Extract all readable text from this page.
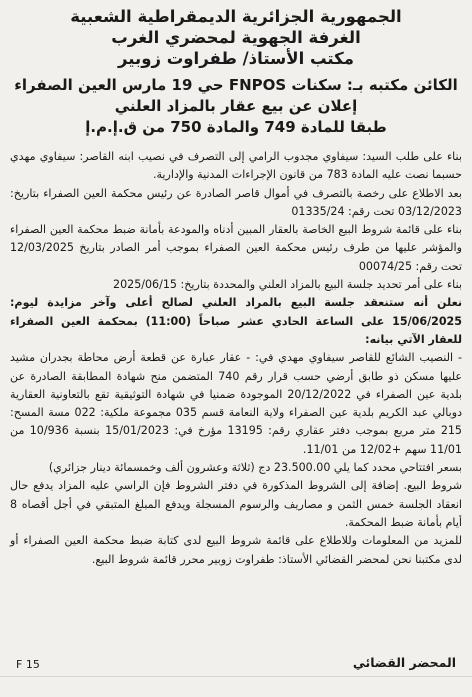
الجمهورية الجزائرية الديمقراطية الشعبية

الغرفة الجهوية لمحضري الغرب

مكتب الأستاذ/ طفراوت زوبير

الكائن مكتبه بـ: سكنات FNPOS حي 19 مارس العين الصفراء

إعلان عن بيع عقار بالمزاد العلني

طبقا للمادة 749 والمادة 750 من ق.إ.م.إ

بناء على طلب السيد: سيفاوي مجدوب الرامي إلى التصرف في نصيب ابنه القاصر: سيفاوي مهدي حسبما نصت عليه المادة 783 من قانون الإجراءات المدنية والإدارية.

بعد الاطلاع على رخصة بالتصرف في أموال قاصر الصادرة عن رئيس محكمة العين الصفراء بتاريخ: 03/12/2023 تحت رقم: 01335/24

بناء على قائمة شروط البيع الخاصة بالعقار المبين أدناه والمودعة بأمانة ضبط محكمة العين الصفراء والمؤشر عليها من طرف رئيس محكمة العين الصفراء بموجب أمر الصادر بتاريخ 12/03/2025 تحت رقم: 00074/25

بناء على أمر تحديد جلسة البيع بالمزاد العلني والمحددة بتاريخ: 2025/06/15

نعلن أنه ستنعقد جلسة البيع بالمراد العلني لصالح أعلى وآخر مزايدة ليوم: 15/06/2025 على الساعة الحادي عشر صباحاً (11:00) بمحكمة العين الصفراء للعقار الآتي بيانه:

- النصيب الشائع للقاصر سيفاوي مهدي في: - عقار عبارة عن قطعة أرض محاطة بجدران مشيد عليها مسكن ذو طابق أرضي حسب قرار رقم 740 المتضمن منح شهادة المطابقة الصادرة عن بلدية عين الصفراء في 20/12/2022 الموجودة ضمنيا في شهادة التوثيقية تقع بالتعاونية العقارية دوبالي عبد الكريم بلدية عين الصفراء ولاية النعامة قسم 035 مجموعة ملكية: 022 مسة المسح: 215 متر مربع بموجب دفتر عقاري رقم: 13195 مؤرخ في: 15/01/2023 بنسبة 10/936 من 11/01 سهم +12/02 من 11/01.

بسعر افتتاحي محدد كما يلي 23.500.00 دج (ثلاثة وعشرون ألف وخمسمائة دينار جزائري)

شروط البيع. إضافة إلى الشروط المذكورة في دفتر الشروط فإن الراسي عليه المزاد يدفع حال انعقاد الجلسة خمس الثمن و مصاريف والرسوم المسجلة ويدفع المبلغ المتبقي في أجل أقصاه 8 أيام بأمانة ضبط المحكمة.

للمزيد من المعلومات وللاطلاع على قائمة شروط البيع لدى كتابة ضبط محكمة العين الصفراء أو لدى مكتبنا نحن لمحضر القضائي الأستاذ: طفراوت زوبير محرر قائمة شروط البيع.

المحضر القضائي
F 15
